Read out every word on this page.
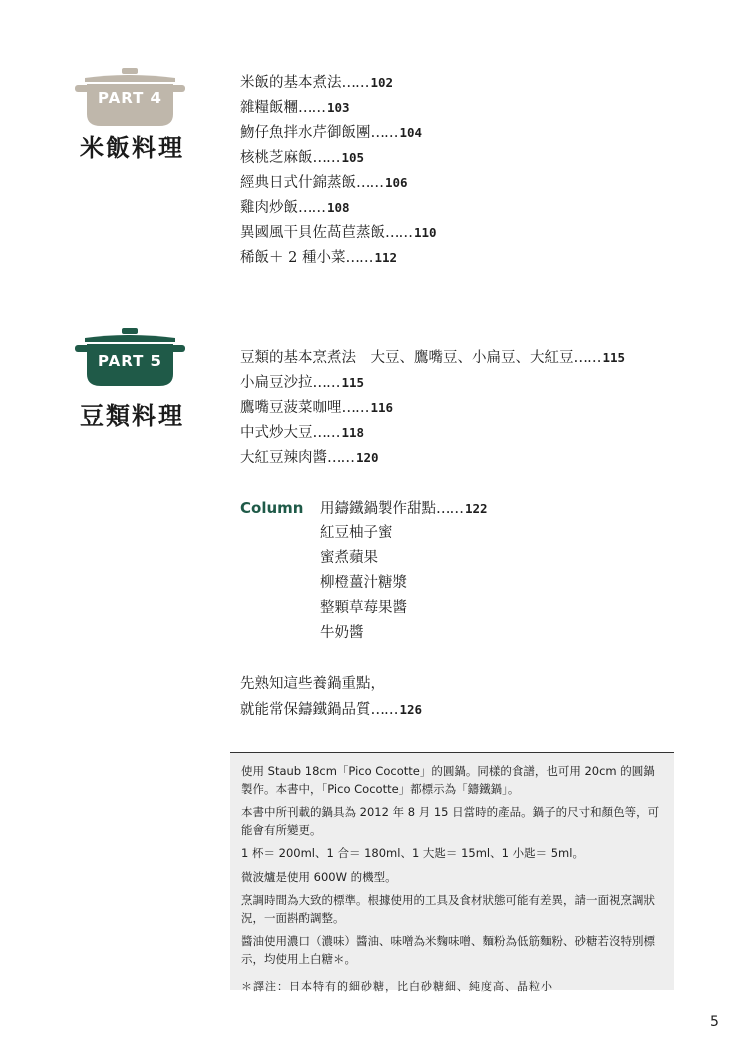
PART 4
米飯料理
米飯的基本煮法…… 102
雜糧飯糰…… 103
魩仔魚拌水芹御飯團…… 104
核桃芝麻飯…… 105
經典日式什錦蒸飯…… 106
雞肉炒飯…… 108
異國風干貝佐萵苣蒸飯…… 110
稀飯＋ 2 種小菜…… 112
PART 5
豆類料理
豆類的基本烹煮法　大豆、鷹嘴豆、小扁豆、大紅豆…… 115
小扁豆沙拉…… 115
鷹嘴豆菠菜咖哩…… 116
中式炒大豆…… 118
大紅豆辣肉醬…… 120
Column 用鑄鐵鍋製作甜點…… 122
紅豆柚子蜜
蜜煮蘋果
柳橙薑汁糖漿
整顆草莓果醬
牛奶醬
先熟知這些養鍋重點，
就能常保鑄鐵鍋品質…… 126

使用 Staub 18cm「Pico Cocotte」的圓鍋。同樣的食譜，也可用 20cm 的圓鍋製作。本書中，「Pico Cocotte」都標示為「鑄鐵鍋」。

本書中所刊載的鍋具為 2012 年 8 月 15 日當時的產品。鍋子的尺寸和顏色等，可能會有所變更。

1 杯＝ 200ml、1 合＝ 180ml、1 大匙＝ 15ml、1 小匙＝ 5ml。

微波爐是使用 600W 的機型。

烹調時間為大致的標準。根據使用的工具及食材狀態可能有差異，請一面視烹調狀況，一面斟酌調整。

醬油使用濃口（濃味）醬油、味噌為米麴味噌、麵粉為低筋麵粉、砂糖若沒特別標示，均使用上白糖＊。

＊譯注：日本特有的細砂糖，比白砂糖細、純度高、晶粒小

5
